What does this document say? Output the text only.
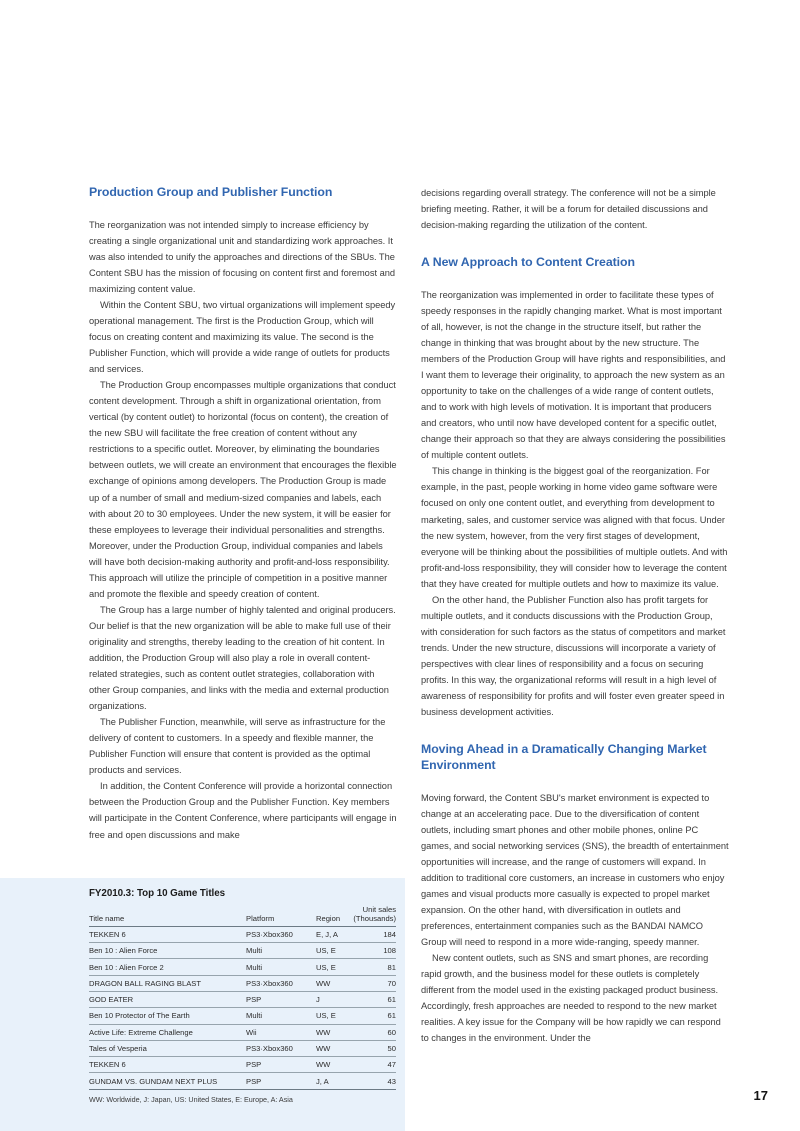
Production Group and Publisher Function

The reorganization was not intended simply to increase efficiency by creating a single organizational unit and standardizing work approaches. It was also intended to unify the approaches and directions of the SBUs. The Content SBU has the mission of focusing on content first and foremost and maximizing content value.

Within the Content SBU, two virtual organizations will implement speedy operational management. The first is the Production Group, which will focus on creating content and maximizing its value. The second is the Publisher Function, which will provide a wide range of outlets for products and services.

The Production Group encompasses multiple organizations that conduct content development. Through a shift in organizational orientation, from vertical (by content outlet) to horizontal (focus on content), the creation of the new SBU will facilitate the free creation of content without any restrictions to a specific outlet. Moreover, by eliminating the boundaries between outlets, we will create an environment that encourages the flexible exchange of opinions among developers. The Production Group is made up of a number of small and medium-sized companies and labels, each with about 20 to 30 employees. Under the new system, it will be easier for these employees to leverage their individual personalities and strengths. Moreover, under the Production Group, individual companies and labels will have both decision-making authority and profit-and-loss responsibility. This approach will utilize the principle of competition in a positive manner and promote the flexible and speedy creation of content.

The Group has a large number of highly talented and original producers. Our belief is that the new organization will be able to make full use of their originality and strengths, thereby leading to the creation of hit content. In addition, the Production Group will also play a role in overall content-related strategies, such as content outlet strategies, collaboration with other Group companies, and links with the media and external production organizations.

The Publisher Function, meanwhile, will serve as infrastructure for the delivery of content to customers. In a speedy and flexible manner, the Publisher Function will ensure that content is provided as the optimal products and services.

In addition, the Content Conference will provide a horizontal connection between the Production Group and the Publisher Function. Key members will participate in the Content Conference, where participants will engage in free and open discussions and make

decisions regarding overall strategy. The conference will not be a simple briefing meeting. Rather, it will be a forum for detailed discussions and decision-making regarding the utilization of the content.

A New Approach to Content Creation

The reorganization was implemented in order to facilitate these types of speedy responses in the rapidly changing market. What is most important of all, however, is not the change in the structure itself, but rather the change in thinking that was brought about by the new structure. The members of the Production Group will have rights and responsibilities, and I want them to leverage their originality, to approach the new system as an opportunity to take on the challenges of a wide range of content outlets, and to work with high levels of motivation. It is important that producers and creators, who until now have developed content for a specific outlet, change their approach so that they are always considering the possibilities of multiple content outlets.

This change in thinking is the biggest goal of the reorganization. For example, in the past, people working in home video game software were focused on only one content outlet, and everything from development to marketing, sales, and customer service was aligned with that focus. Under the new system, however, from the very first stages of development, everyone will be thinking about the possibilities of multiple outlets. And with profit-and-loss responsibility, they will consider how to leverage the content that they have created for multiple outlets and how to maximize its value.

On the other hand, the Publisher Function also has profit targets for multiple outlets, and it conducts discussions with the Production Group, with consideration for such factors as the status of competitors and market trends. Under the new structure, discussions will incorporate a variety of perspectives with clear lines of responsibility and a focus on securing profits. In this way, the organizational reforms will result in a high level of awareness of responsibility for profits and will foster even greater speed in business development activities.

Moving Ahead in a Dramatically Changing Market Environment

Moving forward, the Content SBU's market environment is expected to change at an accelerating pace. Due to the diversification of content outlets, including smart phones and other mobile phones, online PC games, and social networking services (SNS), the breadth of entertainment opportunities will increase, and the range of customers will expand. In addition to traditional core customers, an increase in customers who enjoy games and visual products more casually is expected to propel market expansion. On the other hand, with diversification in outlets and preferences, entertainment companies such as the BANDAI NAMCO Group will need to respond in a more wide-ranging, speedy manner.

New content outlets, such as SNS and smart phones, are recording rapid growth, and the business model for these outlets is completely different from the model used in the existing packaged product business. Accordingly, fresh approaches are needed to respond to the new market realities. A key issue for the Company will be how rapidly we can respond to changes in the environment. Under the

FY2010.3: Top 10 Game Titles
Title name	Platform	Region	Unit sales
(Thousands)

TEKKEN 6	PS3·Xbox360	E, J, A	184
Ben 10 : Alien Force	Multi	US, E	108
Ben 10 : Alien Force 2	Multi	US, E	81
DRAGON BALL RAGING BLAST	PS3·Xbox360	WW	70
GOD EATER	PSP	J	61
Ben 10 Protector of The Earth	Multi	US, E	61
Active Life: Extreme Challenge	Wii	WW	60
Tales of Vesperia	PS3·Xbox360	WW	50
TEKKEN 6	PSP	WW	47
GUNDAM VS. GUNDAM NEXT PLUS	PSP	J, A	43
WW: Worldwide, J: Japan, US: United States, E: Europe, A: Asia	17
